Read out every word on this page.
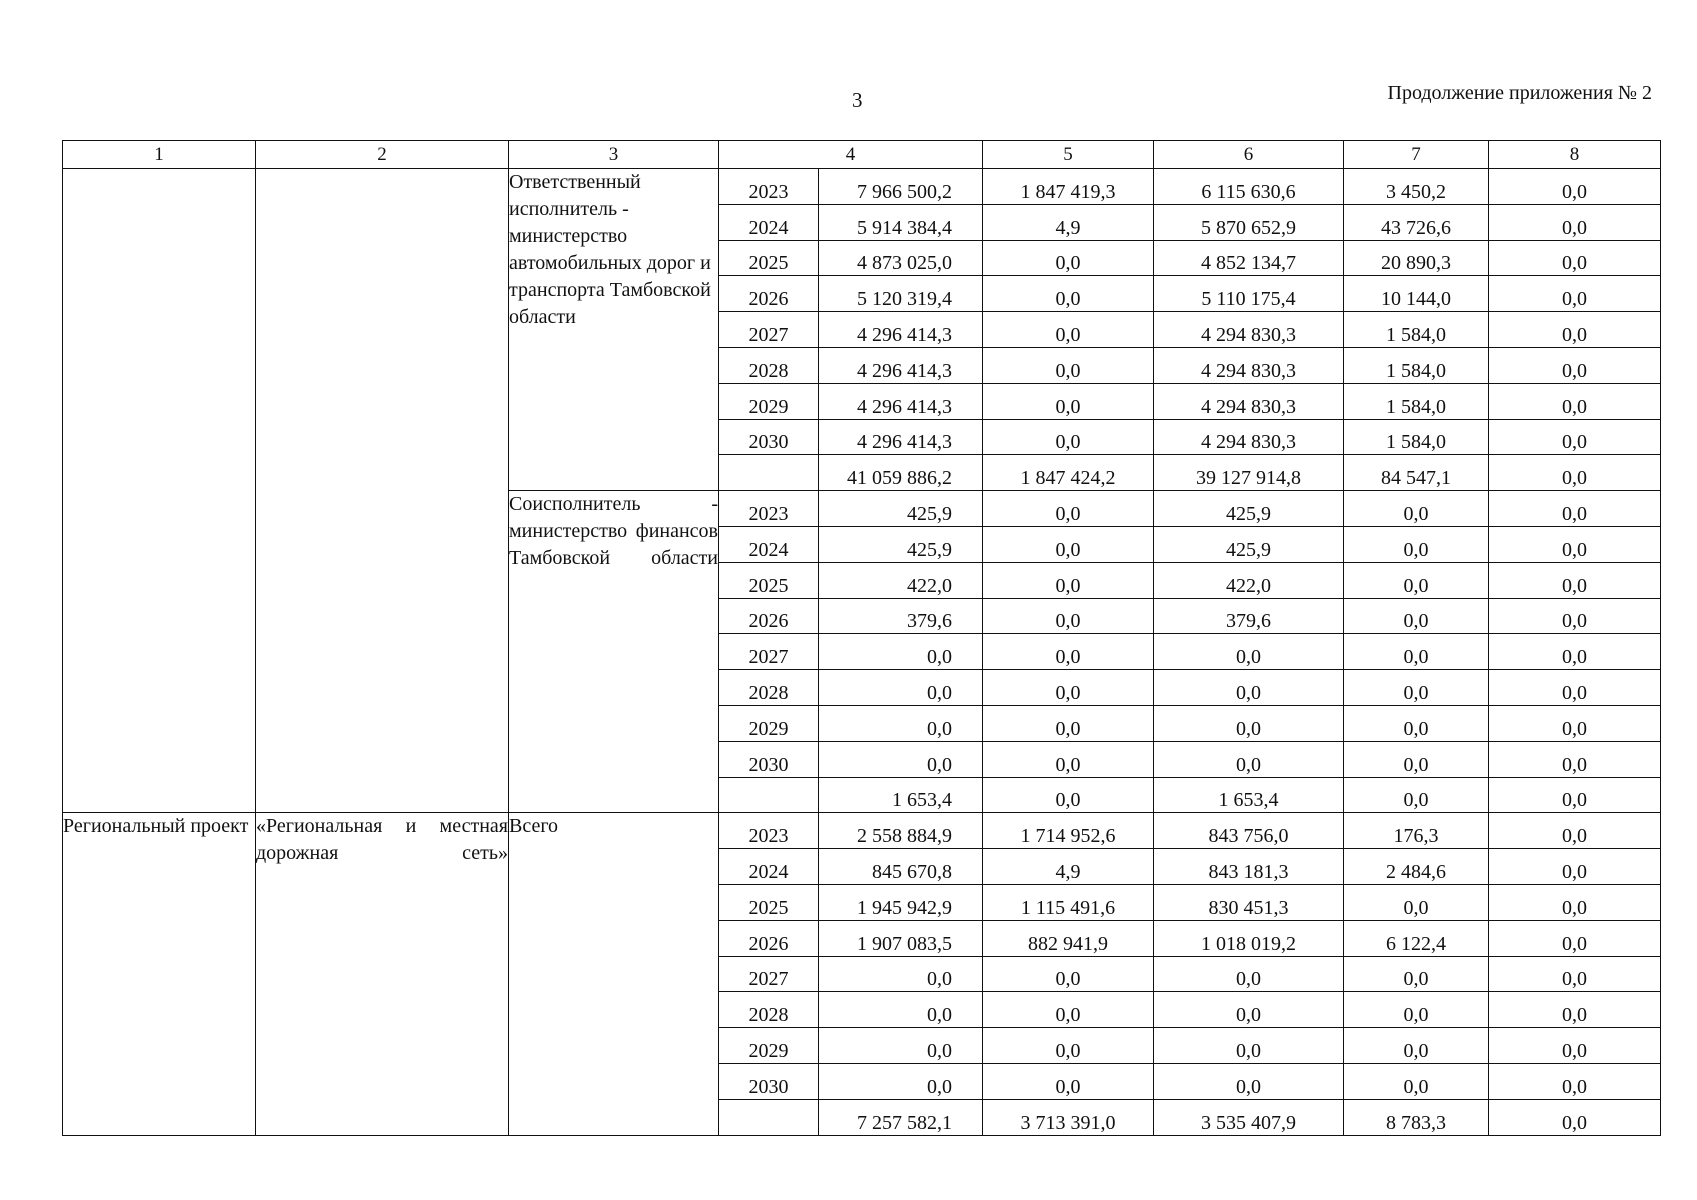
3	Продолжение приложения № 2
1	2	3	4		5	6	7	8
		Ответственный исполнитель - министерство автомобильных дорог и транспорта Тамбовской области	2023	7 966 500,2	1 847 419,3	6 115 630,6	3 450,2	0,0
			2024	5 914 384,4	4,9	5 870 652,9	43 726,6	0,0
			2025	4 873 025,0	0,0	4 852 134,7	20 890,3	0,0
			2026	5 120 319,4	0,0	5 110 175,4	10 144,0	0,0
			2027	4 296 414,3	0,0	4 294 830,3	1 584,0	0,0
			2028	4 296 414,3	0,0	4 294 830,3	1 584,0	0,0
			2029	4 296 414,3	0,0	4 294 830,3	1 584,0	0,0
			2030	4 296 414,3	0,0	4 294 830,3	1 584,0	0,0
				41 059 886,2	1 847 424,2	39 127 914,8	84 547,1	0,0
		Соисполнитель - министерство финансов Тамбовской области	2023	425,9	0,0	425,9	0,0	0,0
			2024	425,9	0,0	425,9	0,0	0,0
			2025	422,0	0,0	422,0	0,0	0,0
			2026	379,6	0,0	379,6	0,0	0,0
			2027	0,0	0,0	0,0	0,0	0,0
			2028	0,0	0,0	0,0	0,0	0,0
			2029	0,0	0,0	0,0	0,0	0,0
			2030	0,0	0,0	0,0	0,0	0,0
				1 653,4	0,0	1 653,4	0,0	0,0
Региональный проект	«Региональная и местная дорожная сеть»	Всего	2023	2 558 884,9	1 714 952,6	843 756,0	176,3	0,0
			2024	845 670,8	4,9	843 181,3	2 484,6	0,0
			2025	1 945 942,9	1 115 491,6	830 451,3	0,0	0,0
			2026	1 907 083,5	882 941,9	1 018 019,2	6 122,4	0,0
			2027	0,0	0,0	0,0	0,0	0,0
			2028	0,0	0,0	0,0	0,0	0,0
			2029	0,0	0,0	0,0	0,0	0,0
			2030	0,0	0,0	0,0	0,0	0,0
				7 257 582,1	3 713 391,0	3 535 407,9	8 783,3	0,0
